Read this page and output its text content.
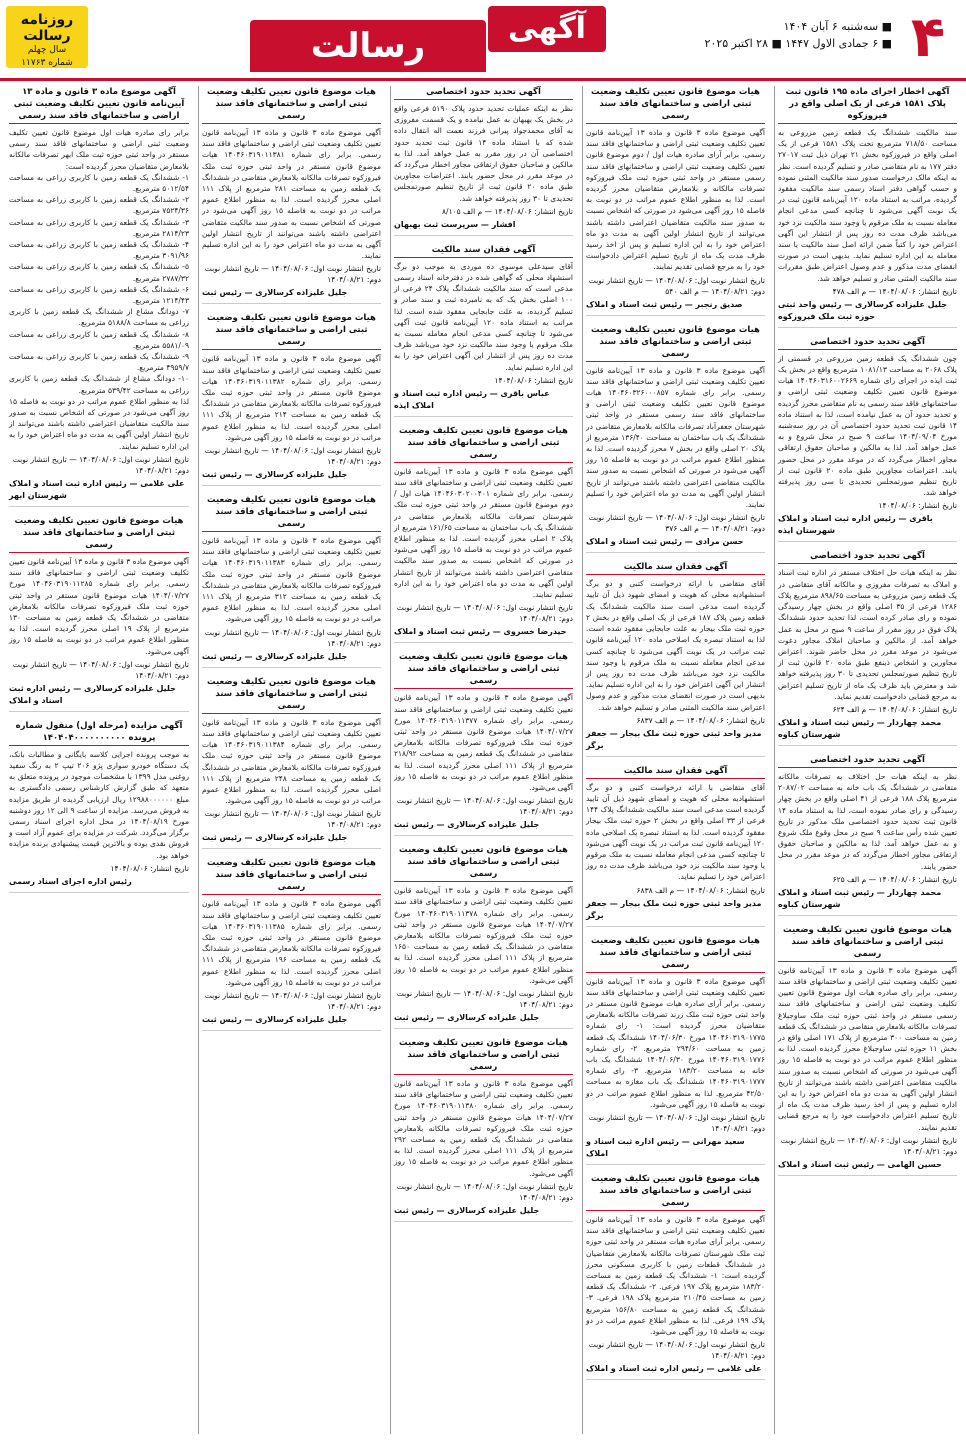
۴
■ سه‌شنبه ۶ آبان ۱۴۰۴
■ ۶ جمادی الاول ۱۴۴۷ ■ ۲۸ اکتبر ۲۰۲۵
آگهی
رسالت
روزنامه رسالت
سال چهلم
شماره ۱۱۷۶۳
آگهی اخطار اجرای ماده ۱۹۵ قانون ثبت پلاک ۱۵۸۱ فرعی از یک اصلی واقع در فیروزکوه
سند مالکیت ششدانگ یک قطعه زمین مزروعی به مساحت ۷۱۸/۵۰ مترمربع تحت پلاک ۱۵۸۱ فرعی از یک اصلی واقع در فیروزکوه بخش ۲۱ تهران ذیل ثبت ۲۷۰۱۷ دفتر ۱۷۷ به نام متقاضی صادر و تسلیم گردیده است. نظر به اینکه مالک درخواست صدور سند مالکیت المثنی نموده و حسب گواهی دفتر اسناد رسمی سند مالکیت مفقود گردیده، مراتب به استناد ماده ۱۲۰ آیین‌نامه قانون ثبت در یک نوبت آگهی می‌شود تا چنانچه کسی مدعی انجام معامله نسبت به ملک مرقوم یا وجود سند مالکیت نزد خود می‌باشد ظرف مدت ده روز پس از انتشار این آگهی اعتراض خود را کتباً ضمن ارائه اصل سند مالکیت یا سند معامله به این اداره تسلیم نماید. بدیهی است در صورت انقضای مدت مذکور و عدم وصول اعتراض طبق مقررات سند مالکیت المثنی صادر و تسلیم خواهد شد.
تاریخ انتشار: ۱۴۰۴/۰۸/۰۶ — م الف ۴۷۸
جلیل علیزاده کرسالاری — رئیس واحد ثبتی حوزه ثبت ملک فیروزکوه
آگهی تحدید حدود اختصاصی
چون ششدانگ یک قطعه زمین مزروعی در قسمتی از پلاک ۲۰۶۸ به مساحت ۱۰۸۱/۱۳ مترمربع واقع در بخش یک ثبت ایذه در اجرای رای شماره ۱۴۰۴۶۰۳۱۶۰۰۲۶۶۹ هیات موضوع قانون تعیین تکلیف وضعیت ثبتی اراضی و ساختمانهای فاقد سند رسمی به نام متقاضی محرز گردیده و تحدید حدود آن به عمل نیامده است، لذا به استناد ماده ۱۴ قانون ثبت تحدید حدود اختصاصی آن در روز سه‌شنبه مورخ ۱۴۰۴/۰۹/۰۴ ساعت ۹ صبح در محل شروع و به عمل خواهد آمد. لذا به مالکین و صاحبان حقوق ارتفاقی مجاور اخطار می‌گردد که در موعد مقرر در محل حضور یابند. اعتراضات مجاورین طبق ماده ۲۰ قانون ثبت از تاریخ تنظیم صورتمجلس تحدیدی تا سی روز پذیرفته خواهد شد.
تاریخ انتشار: ۱۴۰۴/۰۸/۰۶
باقری — رئیس اداره ثبت اسناد و املاک شهرستان ایذه
آگهی تحدید حدود اختصاصی
نظر به اینکه هیات حل اختلاف مستقر در اداره ثبت اسناد و املاک به تصرفات مفروزی و مالکانه آقای متقاضی در یک قطعه زمین مزروعی به مساحت ۸۹۸/۶۵ مترمربع پلاک ۱۲۸۶ فرعی از ۳۵ اصلی واقع در بخش چهار رسیدگی نموده و رای صادر کرده است، لذا تحدید حدود ششدانگ پلاک فوق در روز مقرر از ساعت ۹ صبح در محل به عمل خواهد آمد. از مالکین و صاحبان املاک مجاور دعوت می‌شود در موعد مقرر در محل حاضر شوند. اعتراض مجاورین و اشخاص ذینفع طبق ماده ۲۰ قانون ثبت از تاریخ تنظیم صورتمجلس تحدیدی تا ۳۰ روز پذیرفته خواهد شد و معترض باید ظرف یک ماه از تاریخ تسلیم اعتراض به مرجع قضایی دادخواست تقدیم نماید.
تاریخ انتشار: ۱۴۰۴/۰۸/۰۶ — م الف ۶۲۴
محمد چهاردار — رئیس ثبت اسناد و املاک شهرستان کباوه
آگهی تحدید حدود اختصاصی
نظر به اینکه هیات حل اختلاف به تصرفات مالکانه متقاضی در ششدانگ یک باب خانه به مساحت ۲۰۸۷/۰۲ مترمربع پلاک ۱۸۸ فرعی از ۴۱ اصلی واقع در بخش چهار رسیدگی و رای صادر نموده است، لذا به استناد ماده ۱۴ قانون ثبت تحدید حدود اختصاصی ملک مذکور در تاریخ تعیین شده رأس ساعت ۹ صبح در محل وقوع ملک شروع و به عمل خواهد آمد. لذا به مالکین و صاحبان حقوق ارتفاقی مجاور اخطار می‌گردد که در موعد مقرر در محل حضور یابند.
تاریخ انتشار: ۱۴۰۴/۰۸/۰۶ — م الف ۶۲۵
محمد چهاردار — رئیس ثبت اسناد و املاک شهرستان کباوه
هیات موضوع قانون تعیین تکلیف وضعیت ثبتی اراضی و ساختمانهای فاقد سند رسمی
آگهی موضوع ماده ۳ قانون و ماده ۱۳ آیین‌نامه قانون تعیین تکلیف وضعیت ثبتی اراضی و ساختمانهای فاقد سند رسمی. برابر رای صادره هیات اول موضوع قانون تعیین تکلیف وضعیت ثبتی اراضی و ساختمانهای فاقد سند رسمی مستقر در واحد ثبتی حوزه ثبت ملک ساوجبلاغ تصرفات مالکانه بلامعارض متقاضی در ششدانگ یک قطعه زمین به مساحت ۳۰۰ مترمربع از پلاک ۱۷۱ اصلی واقع در بخش ۱۱ حوزه ثبتی ساوجبلاغ محرز گردیده است. لذا به منظور اطلاع عموم مراتب در دو نوبت به فاصله ۱۵ روز آگهی می‌شود در صورتی که اشخاص نسبت به صدور سند مالکیت متقاضی اعتراضی داشته باشند می‌توانند از تاریخ انتشار اولین آگهی به مدت دو ماه اعتراض خود را به این اداره تسلیم و پس از اخذ رسید ظرف مدت یک ماه از تاریخ تسلیم اعتراض دادخواست خود را به مرجع قضایی تقدیم نمایند.
تاریخ انتشار نوبت اول: ۱۴۰۴/۰۸/۰۶ — تاریخ انتشار نوبت دوم: ۱۴۰۴/۰۸/۲۱
حسین الهامی — رئیس ثبت اسناد و املاک
هیات موضوع قانون تعیین تکلیف وضعیت ثبتی اراضی و ساختمانهای فاقد سند رسمی
آگهی موضوع ماده ۳ قانون و ماده ۱۳ آیین‌نامه قانون تعیین تکلیف وضعیت ثبتی اراضی و ساختمانهای فاقد سند رسمی. برابر آرای صادره هیات اول / دوم موضوع قانون تعیین تکلیف وضعیت ثبتی اراضی و ساختمانهای فاقد سند رسمی مستقر در واحد ثبتی حوزه ثبت ملک فیروزکوه تصرفات مالکانه و بلامعارض متقاضیان محرز گردیده است. لذا به منظور اطلاع عموم مراتب در دو نوبت به فاصله ۱۵ روز آگهی می‌شود در صورتی که اشخاص نسبت به صدور سند مالکیت متقاضیان اعتراضی داشته باشند می‌توانند از تاریخ انتشار اولین آگهی به مدت دو ماه اعتراض خود را به این اداره تسلیم و پس از اخذ رسید ظرف مدت یک ماه از تاریخ تسلیم اعتراض دادخواست خود را به مرجع قضایی تقدیم نمایند.
تاریخ انتشار نوبت اول: ۱۴۰۴/۰۸/۰۶ — تاریخ انتشار نوبت دوم: ۱۴۰۴/۰۸/۲۱ — م الف ۵۴۰
صدیق رنجبر — رئیس ثبت اسناد و املاک
هیات موضوع قانون تعیین تکلیف وضعیت ثبتی اراضی و ساختمانهای فاقد سند رسمی
آگهی موضوع ماده ۳ قانون و ماده ۱۳ آیین‌نامه قانون تعیین تکلیف وضعیت ثبتی اراضی و ساختمانهای فاقد سند رسمی. برابر رای شماره ۱۴۰۴۶۰۳۲۶۰۰۰۸۵۷ هیات موضوع قانون تعیین تکلیف وضعیت ثبتی اراضی و ساختمانهای فاقد سند رسمی مستقر در واحد ثبتی شهرستان جعفرآباد تصرفات مالکانه بلامعارض متقاضی در ششدانگ یک باب ساختمان به مساحت ۱۳۶/۴۰ مترمربع از پلاک ۲۰ اصلی واقع در بخش ۷ محرز گردیده است. لذا به منظور اطلاع عموم مراتب در دو نوبت به فاصله ۱۵ روز آگهی می‌شود در صورتی که اشخاص نسبت به صدور سند مالکیت متقاضی اعتراضی داشته باشند می‌توانند از تاریخ انتشار اولین آگهی به مدت دو ماه اعتراض خود را تسلیم نمایند.
تاریخ انتشار نوبت اول: ۱۴۰۴/۰۸/۰۶ — تاریخ انتشار نوبت دوم: ۱۴۰۴/۰۸/۲۱ — م الف ۳۷۶
حسن مرادی — رئیس ثبت اسناد و املاک
آگهی فقدان سند مالکیت
آقای متقاضی با ارائه درخواست کتبی و دو برگ استشهادیه محلی که هویت و امضای شهود ذیل آن تایید گردیده است مدعی است سند مالکیت ششدانگ یک قطعه زمین پلاک ۱۸۷ فرعی از یک اصلی واقع در بخش ۲ حوزه ثبت ملک بیجار به علت جابجایی مفقود شده است. لذا به استناد تبصره یک اصلاحی ماده ۱۲۰ آیین‌نامه قانون ثبت مراتب در یک نوبت آگهی می‌شود تا چنانچه کسی مدعی انجام معامله نسبت به ملک مرقوم یا وجود سند مالکیت نزد خود می‌باشد ظرف مدت ده روز پس از انتشار این آگهی اعتراض خود را به این اداره تسلیم نماید. بدیهی است در صورت انقضای مدت مذکور و عدم وصول اعتراض سند مالکیت المثنی صادر و تسلیم خواهد شد.
تاریخ انتشار: ۱۴۰۴/۰۸/۰۶ — م الف ۶۸۳۷
مدیر واحد ثبتی حوزه ثبت ملک بیجار — جعفر برگر
آگهی فقدان سند مالکیت
آقای متقاضی با ارائه درخواست کتبی و دو برگ استشهادیه محلی که هویت و امضای شهود ذیل آن تایید گردیده است مدعی است سند مالکیت ششدانگ پلاک ۱۴۴ فرعی از ۳۳ اصلی واقع در بخش ۲ حوزه ثبت ملک بیجار مفقود گردیده است. لذا به استناد تبصره یک اصلاحی ماده ۱۲۰ آیین‌نامه قانون ثبت مراتب در یک نوبت آگهی می‌شود تا چنانچه کسی مدعی انجام معامله نسبت به ملک مرقوم یا وجود سند مالکیت نزد خود می‌باشد ظرف مدت ده روز اعتراض خود را تسلیم نماید.
تاریخ انتشار: ۱۴۰۴/۰۸/۰۶ — م الف ۶۸۳۸
مدیر واحد ثبتی حوزه ثبت ملک بیجار — جعفر برگر
هیات موضوع قانون تعیین تکلیف وضعیت ثبتی اراضی و ساختمانهای فاقد سند رسمی
آگهی موضوع ماده ۳ قانون و ماده ۱۳ آیین‌نامه قانون تعیین تکلیف وضعیت ثبتی اراضی و ساختمانهای فاقد سند رسمی. برابر آرای صادره هیات موضوع قانون مستقر در واحد ثبتی حوزه ثبت ملک زرند تصرفات مالکانه بلامعارض متقاضیان محرز گردیده است: ۱- رای شماره ۱۴۰۴۶۰۳۱۹۰۱۷۷۵ مورخ ۱۴۰۴/۰۶/۳۰ ششدانگ یک قطعه زمین به مساحت ۲۹۴/۶۰ مترمربع. ۲- رای شماره ۱۴۰۴۶۰۳۱۹۰۱۷۷۶ مورخ ۱۴۰۴/۰۶/۳۰ ششدانگ یک باب خانه به مساحت ۱۸۳/۲۰ مترمربع. ۳- رای شماره ۱۴۰۴۶۰۳۱۹۰۱۷۷۷ ششدانگ یک باب مغازه به مساحت ۴۲/۵۰ مترمربع. لذا به منظور اطلاع عموم مراتب در دو نوبت به فاصله ۱۵ روز آگهی می‌شود.
تاریخ انتشار نوبت اول: ۱۴۰۴/۰۸/۰۶ — تاریخ انتشار نوبت دوم: ۱۴۰۴/۰۸/۲۱
سعید مهرانی — رئیس اداره ثبت اسناد و املاک
هیات موضوع قانون تعیین تکلیف وضعیت ثبتی اراضی و ساختمانهای فاقد سند رسمی
آگهی موضوع ماده ۳ قانون و ماده ۱۳ آیین‌نامه قانون تعیین تکلیف وضعیت ثبتی اراضی و ساختمانهای فاقد سند رسمی. برابر آرای صادره هیات مستقر در واحد ثبتی حوزه ثبت ملک شهرستان تصرفات مالکانه بلامعارض متقاضیان در ششدانگ قطعات زمین با کاربری مسکونی محرز گردیده است: ۱- ششدانگ یک قطعه زمین به مساحت ۱۸۳/۲۰ مترمربع پلاک ۱۹۷ فرعی. ۲- ششدانگ یک قطعه زمین به مساحت ۲۱۰/۴۵ مترمربع پلاک ۱۹۸ فرعی. ۳- ششدانگ یک قطعه زمین به مساحت ۱۵۶/۸۰ مترمربع پلاک ۱۹۹ فرعی. لذا به منظور اطلاع عموم مراتب در دو نوبت به فاصله ۱۵ روز آگهی می‌شود.
تاریخ انتشار نوبت اول: ۱۴۰۴/۰۸/۰۶ — تاریخ انتشار نوبت دوم: ۱۴۰۴/۰۸/۲۱
علی غلامی — رئیس اداره ثبت اسناد و املاک
آگهی تحدید حدود اختصاصی
نظر به اینکه عملیات تحدید حدود پلاک ۵۱۹۰ فرعی واقع در بخش یک بهبهان به عمل نیامده و یک قسمت مفروزی به آقای محمدجواد پیرانی فرزند نعمت اله انتقال داده شده که با استناد ماده ۱۴ قانون ثبت تحدید حدود اختصاصی آن در روز مقرر به عمل خواهد آمد. لذا به مالکین و صاحبان حقوق ارتفاقی مجاور اخطار می‌گردد که در موعد مقرر در محل حضور یابند. اعتراضات مجاورین طبق ماده ۲۰ قانون ثبت از تاریخ تنظیم صورتمجلس تحدیدی تا ۳۰ روز پذیرفته خواهد شد.
تاریخ انتشار: ۱۴۰۴/۰۸/۰۶ — م الف ۸/۱۰۵
افشار — سرپرست ثبت بهبهان
آگهی فقدان سند مالکیت
آقای سیدعلی موسوی ده موردی به موجب دو برگ استشهاد محلی که گواهی شده در دفترخانه اسناد رسمی مدعی است که سند مالکیت ششدانگ پلاک ۲۴ فرعی از ۱۰۰ اصلی بخش یک که به نامبرده ثبت و سند صادر و تسلیم گردیده، به علت جابجایی مفقود شده است. لذا مراتب به استناد ماده ۱۲۰ آیین‌نامه قانون ثبت آگهی می‌شود تا چنانچه کسی مدعی انجام معامله نسبت به ملک مرقوم یا وجود سند مالکیت نزد خود می‌باشد ظرف مدت ده روز پس از انتشار این آگهی اعتراض خود را به این اداره تسلیم نماید.
تاریخ انتشار: ۱۴۰۴/۰۸/۰۶
عباس باقری — رئیس اداره ثبت اسناد و املاک ایذه
هیات موضوع قانون تعیین تکلیف وضعیت ثبتی اراضی و ساختمانهای فاقد سند رسمی
آگهی موضوع ماده ۳ قانون و ماده ۱۳ آیین‌نامه قانون تعیین تکلیف وضعیت ثبتی اراضی و ساختمانهای فاقد سند رسمی. برابر رای شماره ۱۴۰۴۶۰۳۰۲۰۰۴۰۱ هیات اول / دوم موضوع قانون مستقر در واحد ثبتی حوزه ثبت ملک شهرستان تصرفات مالکانه بلامعارض متقاضی در ششدانگ یک باب ساختمان به مساحت ۱۶۱/۶۵ مترمربع از پلاک ۲ اصلی محرز گردیده است. لذا به منظور اطلاع عموم مراتب در دو نوبت به فاصله ۱۵ روز آگهی می‌شود در صورتی که اشخاص نسبت به صدور سند مالکیت متقاضی اعتراضی داشته باشند می‌توانند از تاریخ انتشار اولین آگهی به مدت دو ماه اعتراض خود را به این اداره تسلیم نمایند.
تاریخ انتشار نوبت اول: ۱۴۰۴/۰۸/۰۶ — تاریخ انتشار نوبت دوم: ۱۴۰۴/۰۸/۲۱
حیدرضا خسروی — رئیس ثبت اسناد و املاک
هیات موضوع قانون تعیین تکلیف وضعیت ثبتی اراضی و ساختمانهای فاقد سند رسمی
آگهی موضوع ماده ۳ قانون و ماده ۱۳ آیین‌نامه قانون تعیین تکلیف وضعیت ثبتی اراضی و ساختمانهای فاقد سند رسمی. برابر رای شماره ۱۴۰۴۶۰۳۱۹۰۱۱۳۷۷ مورخ ۱۴۰۴/۰۷/۲۷ هیات موضوع قانون مستقر در واحد ثبتی حوزه ثبت ملک فیروزکوه تصرفات مالکانه بلامعارض متقاضی در ششدانگ یک قطعه زمین به مساحت ۲۱۸/۹۲ مترمربع از پلاک ۱۱۱ اصلی محرز گردیده است. لذا به منظور اطلاع عموم مراتب در دو نوبت به فاصله ۱۵ روز آگهی می‌شود.
تاریخ انتشار نوبت اول: ۱۴۰۴/۰۸/۰۶ — تاریخ انتشار نوبت دوم: ۱۴۰۴/۰۸/۲۱
جلیل علیزاده کرسالاری — رئیس ثبت
هیات موضوع قانون تعیین تکلیف وضعیت ثبتی اراضی و ساختمانهای فاقد سند رسمی
آگهی موضوع ماده ۳ قانون و ماده ۱۳ آیین‌نامه قانون تعیین تکلیف وضعیت ثبتی اراضی و ساختمانهای فاقد سند رسمی. برابر رای شماره ۱۴۰۴۶۰۳۱۹۰۱۱۳۷۸ مورخ ۱۴۰۴/۰۷/۲۷ هیات موضوع قانون مستقر در واحد ثبتی حوزه ثبت ملک فیروزکوه تصرفات مالکانه بلامعارض متقاضی در ششدانگ یک قطعه زمین به مساحت ۱۶۵۰ مترمربع از پلاک ۱۱۱ اصلی محرز گردیده است. لذا به منظور اطلاع عموم مراتب در دو نوبت به فاصله ۱۵ روز آگهی می‌شود.
تاریخ انتشار نوبت اول: ۱۴۰۴/۰۸/۰۶ — تاریخ انتشار نوبت دوم: ۱۴۰۴/۰۸/۲۱
جلیل علیزاده کرسالاری — رئیس ثبت
هیات موضوع قانون تعیین تکلیف وضعیت ثبتی اراضی و ساختمانهای فاقد سند رسمی
آگهی موضوع ماده ۳ قانون و ماده ۱۳ آیین‌نامه قانون تعیین تکلیف وضعیت ثبتی اراضی و ساختمانهای فاقد سند رسمی. برابر رای شماره ۱۴۰۴۶۰۳۱۹۰۱۱۳۸۰ مورخ ۱۴۰۴/۰۷/۲۷ هیات موضوع قانون مستقر در واحد ثبتی حوزه ثبت ملک فیروزکوه تصرفات مالکانه بلامعارض متقاضی در ششدانگ یک قطعه زمین به مساحت ۲۹۲ مترمربع از پلاک ۱۱۱ اصلی محرز گردیده است. لذا به منظور اطلاع عموم مراتب در دو نوبت به فاصله ۱۵ روز آگهی می‌شود.
تاریخ انتشار نوبت اول: ۱۴۰۴/۰۸/۰۶ — تاریخ انتشار نوبت دوم: ۱۴۰۴/۰۸/۲۱
جلیل علیزاده کرسالاری — رئیس ثبت
هیات موضوع قانون تعیین تکلیف وضعیت ثبتی اراضی و ساختمانهای فاقد سند رسمی
آگهی موضوع ماده ۳ قانون و ماده ۱۳ آیین‌نامه قانون تعیین تکلیف وضعیت ثبتی اراضی و ساختمانهای فاقد سند رسمی. برابر رای شماره ۱۴۰۴۶۰۳۱۹۰۱۱۳۸۱ هیات موضوع قانون مستقر در واحد ثبتی حوزه ثبت ملک فیروزکوه تصرفات مالکانه بلامعارض متقاضی در ششدانگ یک قطعه زمین به مساحت ۲۸۱ مترمربع از پلاک ۱۱۱ اصلی محرز گردیده است. لذا به منظور اطلاع عموم مراتب در دو نوبت به فاصله ۱۵ روز آگهی می‌شود در صورتی که اشخاص نسبت به صدور سند مالکیت متقاضی اعتراضی داشته باشند می‌توانند از تاریخ انتشار اولین آگهی به مدت دو ماه اعتراض خود را به این اداره تسلیم نمایند.
تاریخ انتشار نوبت اول: ۱۴۰۴/۰۸/۰۶ — تاریخ انتشار نوبت دوم: ۱۴۰۴/۰۸/۲۱
جلیل علیزاده کرسالاری — رئیس ثبت
هیات موضوع قانون تعیین تکلیف وضعیت ثبتی اراضی و ساختمانهای فاقد سند رسمی
آگهی موضوع ماده ۳ قانون و ماده ۱۳ آیین‌نامه قانون تعیین تکلیف وضعیت ثبتی اراضی و ساختمانهای فاقد سند رسمی. برابر رای شماره ۱۴۰۴۶۰۳۱۹۰۱۱۳۸۲ هیات موضوع قانون مستقر در واحد ثبتی حوزه ثبت ملک فیروزکوه تصرفات مالکانه بلامعارض متقاضی در ششدانگ یک قطعه زمین به مساحت ۲۱۴ مترمربع از پلاک ۱۱۱ اصلی محرز گردیده است. لذا به منظور اطلاع عموم مراتب در دو نوبت به فاصله ۱۵ روز آگهی می‌شود.
تاریخ انتشار نوبت اول: ۱۴۰۴/۰۸/۰۶ — تاریخ انتشار نوبت دوم: ۱۴۰۴/۰۸/۲۱
جلیل علیزاده کرسالاری — رئیس ثبت
هیات موضوع قانون تعیین تکلیف وضعیت ثبتی اراضی و ساختمانهای فاقد سند رسمی
آگهی موضوع ماده ۳ قانون و ماده ۱۳ آیین‌نامه قانون تعیین تکلیف وضعیت ثبتی اراضی و ساختمانهای فاقد سند رسمی. برابر رای شماره ۱۴۰۴۶۰۳۱۹۰۱۱۳۸۳ هیات موضوع قانون مستقر در واحد ثبتی حوزه ثبت ملک فیروزکوه تصرفات مالکانه بلامعارض متقاضی در ششدانگ یک قطعه زمین به مساحت ۳۱۲ مترمربع از پلاک ۱۱۱ اصلی محرز گردیده است. لذا به منظور اطلاع عموم مراتب در دو نوبت به فاصله ۱۵ روز آگهی می‌شود.
تاریخ انتشار نوبت اول: ۱۴۰۴/۰۸/۰۶ — تاریخ انتشار نوبت دوم: ۱۴۰۴/۰۸/۲۱
جلیل علیزاده کرسالاری — رئیس ثبت
هیات موضوع قانون تعیین تکلیف وضعیت ثبتی اراضی و ساختمانهای فاقد سند رسمی
آگهی موضوع ماده ۳ قانون و ماده ۱۳ آیین‌نامه قانون تعیین تکلیف وضعیت ثبتی اراضی و ساختمانهای فاقد سند رسمی. برابر رای شماره ۱۴۰۴۶۰۳۱۹۰۱۱۳۸۴ هیات موضوع قانون مستقر در واحد ثبتی حوزه ثبت ملک فیروزکوه تصرفات مالکانه بلامعارض متقاضی در ششدانگ یک قطعه زمین به مساحت ۲۴۸ مترمربع از پلاک ۱۱۱ اصلی محرز گردیده است. لذا به منظور اطلاع عموم مراتب در دو نوبت به فاصله ۱۵ روز آگهی می‌شود.
تاریخ انتشار نوبت اول: ۱۴۰۴/۰۸/۰۶ — تاریخ انتشار نوبت دوم: ۱۴۰۴/۰۸/۲۱
جلیل علیزاده کرسالاری — رئیس ثبت
هیات موضوع قانون تعیین تکلیف وضعیت ثبتی اراضی و ساختمانهای فاقد سند رسمی
آگهی موضوع ماده ۳ قانون و ماده ۱۳ آیین‌نامه قانون تعیین تکلیف وضعیت ثبتی اراضی و ساختمانهای فاقد سند رسمی. برابر رای شماره ۱۴۰۴۶۰۳۱۹۰۱۱۳۸۵ هیات موضوع قانون مستقر در واحد ثبتی حوزه ثبت ملک فیروزکوه تصرفات مالکانه بلامعارض متقاضی در ششدانگ یک قطعه زمین به مساحت ۱۹۶ مترمربع از پلاک ۱۱۱ اصلی محرز گردیده است. لذا به منظور اطلاع عموم مراتب در دو نوبت به فاصله ۱۵ روز آگهی می‌شود.
تاریخ انتشار نوبت اول: ۱۴۰۴/۰۸/۰۶ — تاریخ انتشار نوبت دوم: ۱۴۰۴/۰۸/۲۱
جلیل علیزاده کرسالاری — رئیس ثبت
آگهی موضوع ماده ۳ قانون و ماده ۱۳ آیین‌نامه قانون تعیین تکلیف وضعیت ثبتی اراضی و ساختمانهای فاقد سند رسمی
برابر رای صادره هیات اول موضوع قانون تعیین تکلیف وضعیت ثبتی اراضی و ساختمانهای فاقد سند رسمی مستقر در واحد ثبتی حوزه ثبت ملک ابهر تصرفات مالکانه بلامعارض متقاضیان محرز گردیده است:
۱- ششدانگ یک قطعه زمین با کاربری زراعی به مساحت ۵۰۱۲/۵۴ مترمربع.
۲- ششدانگ یک قطعه زمین با کاربری زراعی به مساحت ۷۵۲۴/۳۶ مترمربع.
۳- ششدانگ یک قطعه زمین با کاربری زراعی به مساحت ۲۸۱۴/۲۳ مترمربع.
۴- ششدانگ یک قطعه زمین با کاربری زراعی به مساحت ۳۰۹۱/۹۶ مترمربع.
۵- ششدانگ یک قطعه زمین با کاربری زراعی به مساحت ۲۷۸۷/۳۲ مترمربع.
۶- ششدانگ یک قطعه زمین با کاربری زراعی به مساحت ۱۲۱۴/۴۳ مترمربع.
۷- دودانگ مشاع از ششدانگ یک قطعه زمین با کاربری زراعی به مساحت ۵۱۸۸/۸ مترمربع.
۸- ششدانگ یک قطعه زمین با کاربری زراعی به مساحت ۵۵۸۱/۰۹ مترمربع.
۹- ششدانگ یک قطعه زمین با کاربری زراعی به مساحت ۴۹۵۹/۷ مترمربع.
۱۰- دودانگ مشاع از ششدانگ یک قطعه زمین با کاربری زراعی به مساحت ۵۳۹/۴۲ مترمربع.
لذا به منظور اطلاع عموم مراتب در دو نوبت به فاصله ۱۵ روز آگهی می‌شود در صورتی که اشخاص نسبت به صدور سند مالکیت متقاضیان اعتراضی داشته باشند می‌توانند از تاریخ انتشار اولین آگهی به مدت دو ماه اعتراض خود را به این اداره تسلیم نمایند.
تاریخ انتشار نوبت اول: ۱۴۰۴/۰۸/۰۶ — تاریخ انتشار نوبت دوم: ۱۴۰۴/۰۸/۲۱
علی غلامی — رئیس اداره ثبت اسناد و املاک شهرستان ابهر
هیات موضوع قانون تعیین تکلیف وضعیت ثبتی اراضی و ساختمانهای فاقد سند رسمی
آگهی موضوع ماده ۳ قانون و ماده ۱۳ آیین‌نامه قانون تعیین تکلیف وضعیت ثبتی اراضی و ساختمانهای فاقد سند رسمی. برابر رای شماره ۱۴۰۴۶۰۳۱۹۰۱۱۲۸۵ مورخ ۱۴۰۴/۰۷/۲۷ هیات موضوع قانون مستقر در واحد ثبتی حوزه ثبت ملک فیروزکوه تصرفات مالکانه بلامعارض متقاضی در ششدانگ یک قطعه زمین به مساحت ۱۳۰ مترمربع از پلاک ۱۹ اصلی محرز گردیده است. لذا به منظور اطلاع عموم مراتب در دو نوبت به فاصله ۱۵ روز آگهی می‌شود.
تاریخ انتشار نوبت اول: ۱۴۰۴/۰۸/۰۶ — تاریخ انتشار نوبت دوم: ۱۴۰۴/۰۸/۲۱
جلیل علیزاده کرسالاری — رئیس اداره ثبت اسناد و املاک
آگهی مزایده (مرحله اول) منقول شماره پرونده ۱۴۰۴۰۴۰۰۰۰۰۰۰۰۰۰
به موجب پرونده اجرایی کلاسه بایگانی و مطالبات بانک، یک دستگاه خودرو سواری پژو ۲۰۶ تیپ ۲ به رنگ سفید روغنی مدل ۱۳۹۹ با مشخصات موجود در پرونده متعلق به متعهد که طبق گزارش کارشناس رسمی دادگستری به مبلغ ۱۲۹۸۸۰۰۰۰۰۰ ریال ارزیابی گردیده از طریق مزایده به فروش می‌رسد. مزایده از ساعت ۹ الی ۱۲ روز دوشنبه مورخ ۱۴۰۴/۰۸/۱۹ در محل اداره اجرای اسناد رسمی برگزار می‌گردد. شرکت در مزایده برای عموم آزاد است و فروش نقدی بوده و بالاترین قیمت پیشنهادی برنده مزایده خواهد بود.
تاریخ انتشار: ۱۴۰۴/۰۸/۰۶
رئیس اداره اجرای اسناد رسمی
